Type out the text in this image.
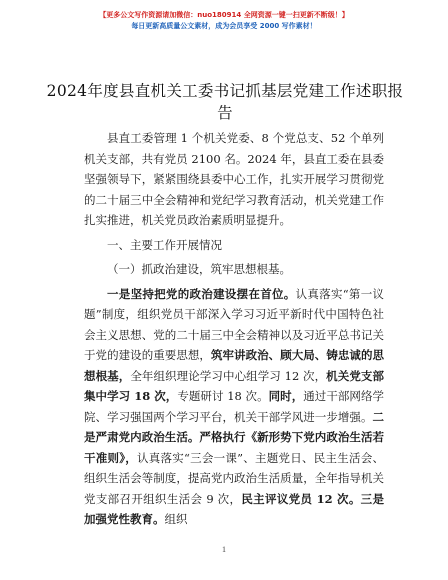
【更多公文写作资源请加微信：nuo180914 全网资源一键一扫更新不断级！】
每日更新高质量公文素材，成为会员享受 2000 写作素材！
2024年度县直机关工委书记抓基层党建工作述职报告

县直工委管理 1 个机关党委、8 个党总支、52 个单列机关支部，共有党员 2100 名。2024 年，县直工委在县委坚强领导下，紧紧围绕县委中心工作，扎实开展学习贯彻党的二十届三中全会精神和党纪学习教育活动，机关党建工作扎实推进，机关党员政治素质明显提升。

一、主要工作开展情况

（一）抓政治建设，筑牢思想根基。

一是坚持把党的政治建设摆在首位。认真落实“第一议题”制度，组织党员干部深入学习习近平新时代中国特色社会主义思想、党的二十届三中全会精神以及习近平总书记关于党的建设的重要思想，筑牢讲政治、顾大局、铸忠诚的思想根基，全年组织理论学习中心组学习 12 次，机关党支部集中学习 18 次，专题研讨 18 次。同时，通过干部网络学院、学习强国两个学习平台，机关干部学风进一步增强。二是严肃党内政治生活。严格执行《新形势下党内政治生活若干准则》，认真落实“三会一课”、主题党日、民主生活会、组织生活会等制度，提高党内政治生活质量，全年指导机关党支部召开组织生活会 9 次，民主评议党员 12 次。三是加强党性教育。组织

1
